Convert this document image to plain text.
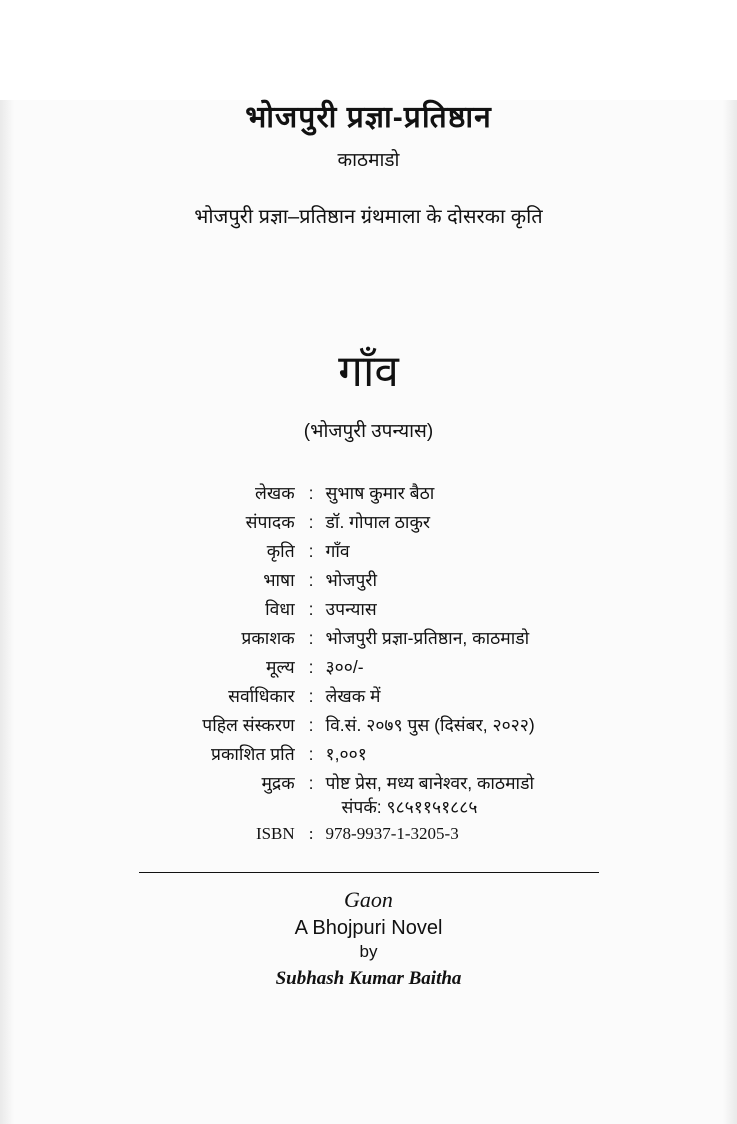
भोजपुरी प्रज्ञा-प्रतिष्ठान
काठमाडो
भोजपुरी प्रज्ञा–प्रतिष्ठान ग्रंथमाला के दोसरका कृति
गाँव
(भोजपुरी उपन्यास)
लेखक	:	सुभाष कुमार बैठा
संपादक	:	डॉ. गोपाल ठाकुर
कृति	:	गाँव
भाषा	:	भोजपुरी
विधा	:	उपन्यास
प्रकाशक	:	भोजपुरी प्रज्ञा-प्रतिष्ठान, काठमाडो
मूल्य	:	३००/-
सर्वाधिकार	:	लेखक में
पहिल संस्करण	:	वि.सं. २०७९ पुस (दिसंबर, २०२२)
प्रकाशित प्रति	:	१,००१
मुद्रक	:	पोष्ट प्रेस, मध्य बानेश्वर, काठमाडो
संपर्क: ९८५११५१८८५

ISBN	:	978-9937-1-3205-3
Gaon
A Bhojpuri Novel
by
Subhash Kumar Baitha
